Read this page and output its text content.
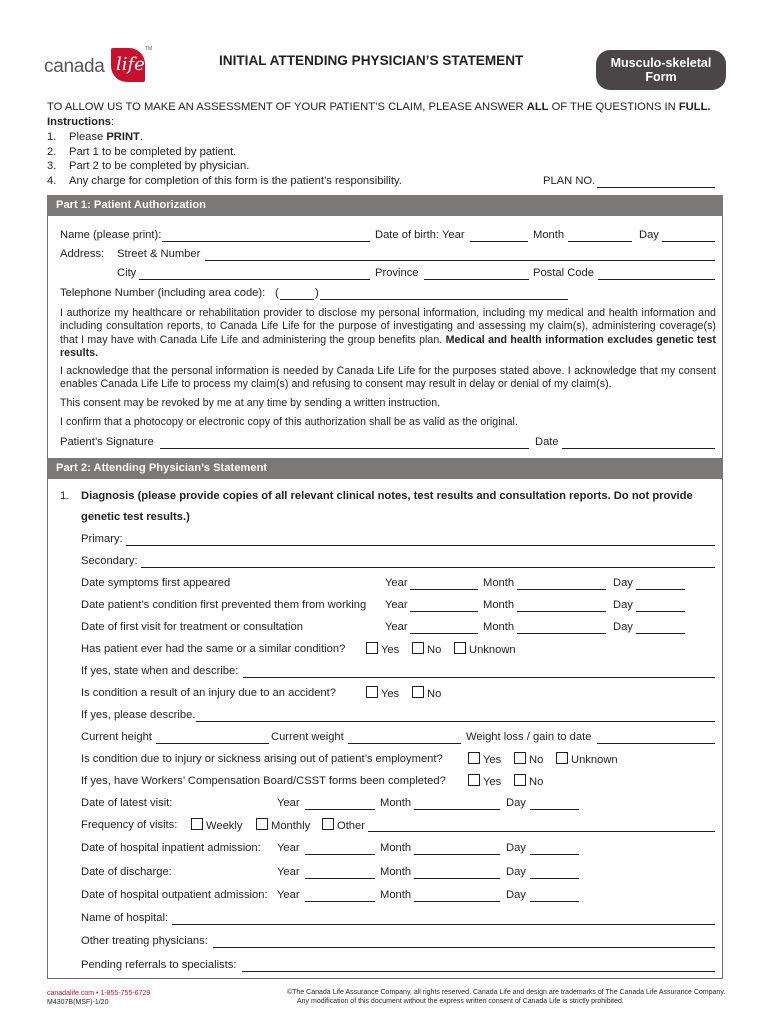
canada life
TM
INITIAL ATTENDING PHYSICIAN’S STATEMENT	Musculo-skeletal
Form
TO ALLOW US TO MAKE AN ASSESSMENT OF YOUR PATIENT’S CLAIM, PLEASE ANSWER ALL OF THE QUESTIONS IN FULL.
Instructions:
1. Please PRINT.
2. Part 1 to be completed by patient.
3. Part 2 to be completed by physician.
4. Any charge for completion of this form is the patient’s responsibility.	PLAN NO.
Part 1: Patient Authorization
Name (please print):	Date of birth: Year	Month	Day
Address: Street & Number
City	Province	Postal Code
Telephone Number (including area code): (	)
I authorize my healthcare or rehabilitation provider to disclose my personal information, including my medical and health information and including consultation reports, to Canada Life Life for the purpose of investigating and assessing my claim(s), administering coverage(s) that I may have with Canada Life Life and administering the group benefits plan. Medical and health information excludes genetic test results.
I acknowledge that the personal information is needed by Canada Life Life for the purposes stated above. I acknowledge that my consent enables Canada Life Life to process my claim(s) and refusing to consent may result in delay or denial of my claim(s).
This consent may be revoked by me at any time by sending a written instruction.
I confirm that a photocopy or electronic copy of this authorization shall be as valid as the original.
Patient’s Signature	Date
Part 2: Attending Physician’s Statement
1. Diagnosis (please provide copies of all relevant clinical notes, test results and consultation reports. Do not provide
genetic test results.)
Primary:
Secondary:
Date symptoms first appeared	Year	Month	Day
Date patient’s condition first prevented them from working Year	Month	Day
Date of first visit for treatment or consultation	Year	Month	Day
Has patient ever had the same or a similar condition?	Yes	No	Unknown
If yes, state when and describe:
Is condition a result of an injury due to an accident?	Yes	No
If yes, please describe.
Current height	Current weight	Weight loss / gain to date
Is condition due to injury or sickness arising out of patient’s employment?	Yes	No	Unknown
If yes, have Workers’ Compensation Board/CSST forms been completed?	Yes	No
Date of latest visit:	Year	Month	Day
Frequency of visits:	Weekly	Monthly	Other
Date of hospital inpatient admission: Year	Month	Day
Date of discharge:	Year	Month	Day
Date of hospital outpatient admission: Year	Month	Day
Name of hospital:
Other treating physicians:
Pending referrals to specialists:
canadalife.com • 1-855-755-6729
M4307B(MSF)-1/20
©The Canada Life Assurance Company, all rights reserved. Canada Life and design are trademarks of The Canada Life Assurance Company.
Any modification of this document without the express written consent of Canada Life is strictly prohibited.
